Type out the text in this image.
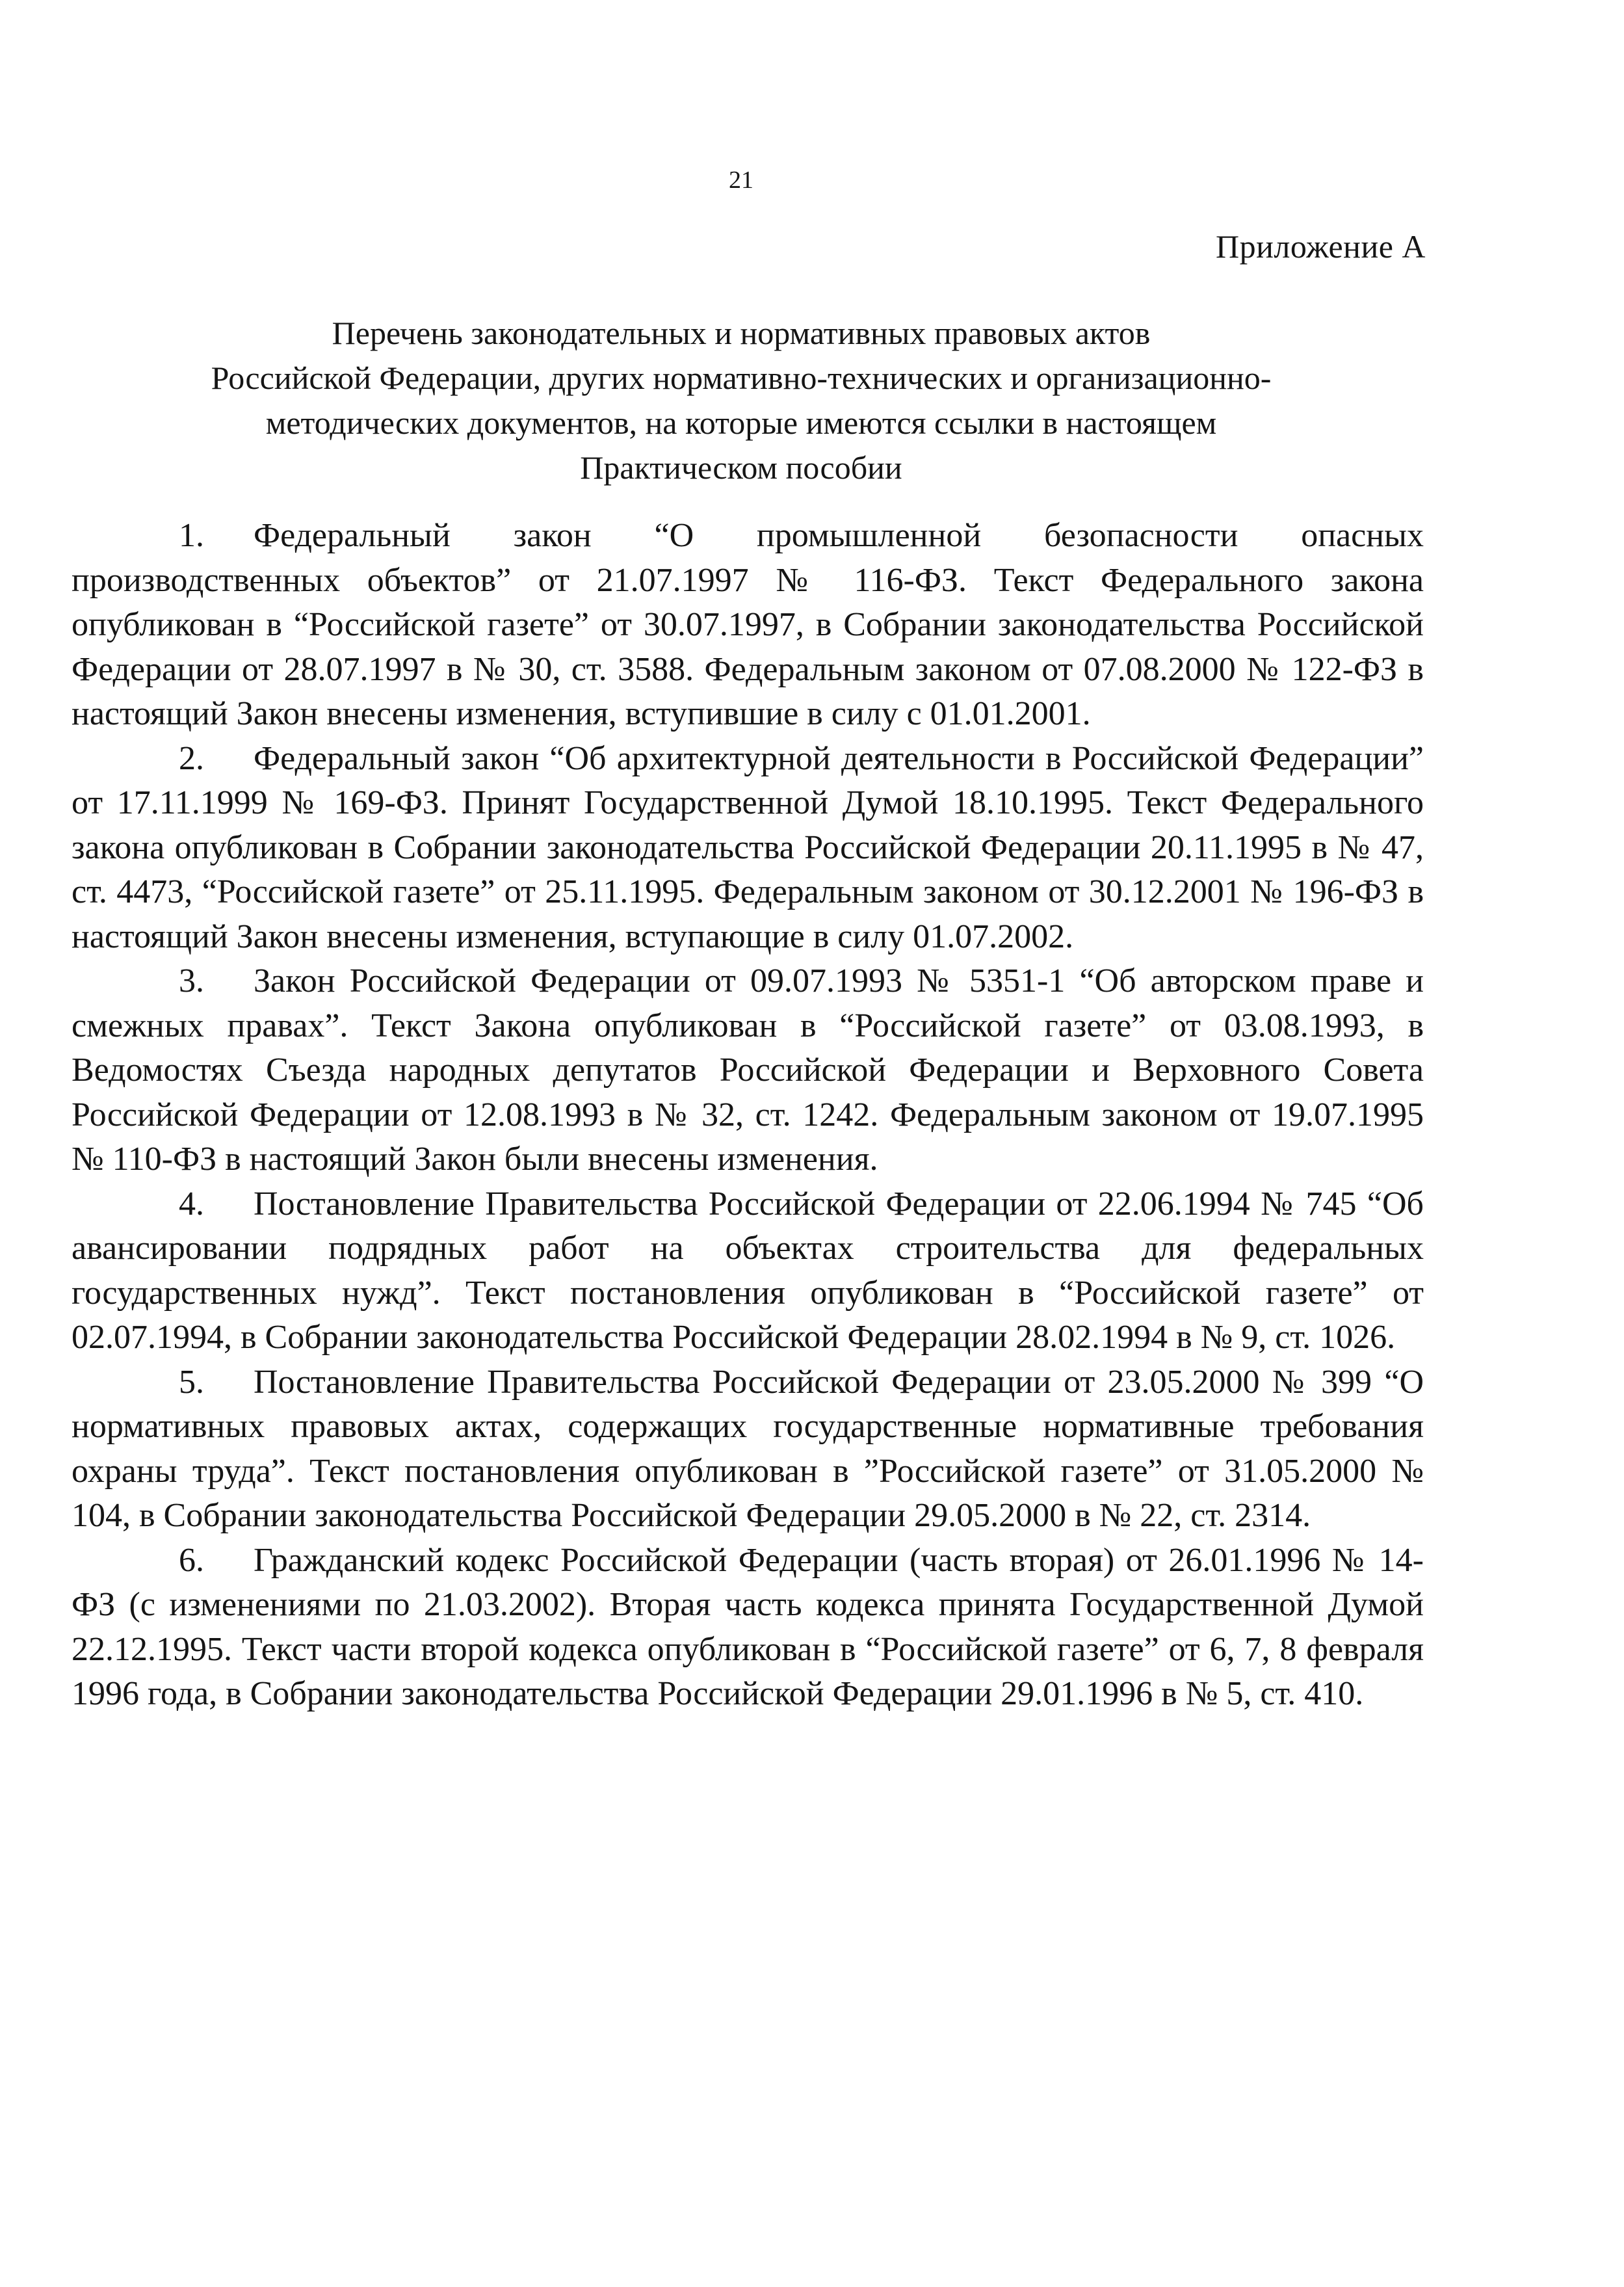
21
Приложение А
Перечень законодательных и нормативных правовых актов
Российской Федерации, других нормативно-технических и организационно-
методических документов, на которые имеются ссылки в настоящем
Практическом пособии

1. Федеральный закон “О промышленной безопасности опасных производственных объектов” от 21.07.1997 № 116-ФЗ. Текст Федерального закона опубликован в “Российской газете” от 30.07.1997, в Собрании законодательства Российской Федерации от 28.07.1997 в № 30, ст. 3588. Федеральным законом от 07.08.2000 № 122-ФЗ в настоящий Закон внесены изменения, вступившие в силу с 01.01.2001.

2. Федеральный закон “Об архитектурной деятельности в Российской Федерации” от 17.11.1999 № 169-ФЗ. Принят Государственной Думой 18.10.1995. Текст Федерального закона опубликован в Собрании законодательства Российской Федерации 20.11.1995 в № 47, ст. 4473, “Российской газете” от 25.11.1995. Федеральным законом от 30.12.2001 № 196-ФЗ в настоящий Закон внесены изменения, вступающие в силу 01.07.2002.

3. Закон Российской Федерации от 09.07.1993 № 5351-1 “Об авторском праве и смежных правах”. Текст Закона опубликован в “Российской газете” от 03.08.1993, в Ведомостях Съезда народных депутатов Российской Федерации и Верховного Совета Российской Федерации от 12.08.1993 в № 32, ст. 1242. Федеральным законом от 19.07.1995 № 110-ФЗ в настоящий Закон были внесены изменения.

4. Постановление Правительства Российской Федерации от 22.06.1994 № 745 “Об авансировании подрядных работ на объектах строительства для федеральных государственных нужд”. Текст постановления опубликован в “Российской газете” от 02.07.1994, в Собрании законодательства Российской Федерации 28.02.1994 в № 9, ст. 1026.

5. Постановление Правительства Российской Федерации от 23.05.2000 № 399 “О нормативных правовых актах, содержащих государственные нормативные требования охраны труда”. Текст постановления опубликован в ”Российской газете” от 31.05.2000 № 104, в Собрании законодательства Российской Федерации 29.05.2000 в № 22, ст. 2314.

6. Гражданский кодекс Российской Федерации (часть вторая) от 26.01.1996 № 14-ФЗ (с изменениями по 21.03.2002). Вторая часть кодекса принята Государственной Думой 22.12.1995. Текст части второй кодекса опубликован в “Российской газете” от 6, 7, 8 февраля 1996 года, в Собрании законодательства Российской Федерации 29.01.1996 в № 5, ст. 410.
